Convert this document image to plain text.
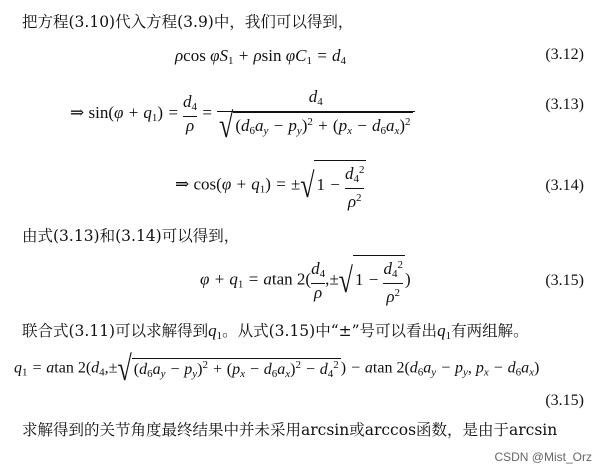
把方程(3.10)代入方程(3.9)中，我们可以得到，
ρcos $\varphi S_1 + \rho\sin$ $\varphi C_1 = d_4$	(3.12)
⇒ $\sin(\varphi + q_1) = \frac{d_4}{\rho} = \frac{d_4}{√ (d_6a_y - p_y)^2 + (p_x - d_6a_x)^2}$	(3.13)
⇒ $\cos(\varphi + q_1)$ = ±√ $1 - \frac{d_4^2}{\rho^2}$	(3.14)
由式(3.13)和(3.14)可以得到，
$\varphi + q_1 = atan$ $2( \frac{d_4}{\rho}$ ,±√ $1 - \frac{d_4^2}{\rho^2}$ )	(3.15)
联合式(3.11)可以求解得到$q_1$。从式(3.15)中“±”号可以看出$q_1$有两组解。
$q_1 = atan$ $2(d_4,\pm√$ $(d_6a_y - p_y)^2 + (p_x - d_6a_x)^2 - d_4^2$ ) − atan $2(d_6a_y - p_y$, $p_x - d_6a_x$)
(3.15)
求解得到的关节角度最终结果中并未采用arcsin或arccos函数，是由于arcsin
CSDN @Mist_Orz
